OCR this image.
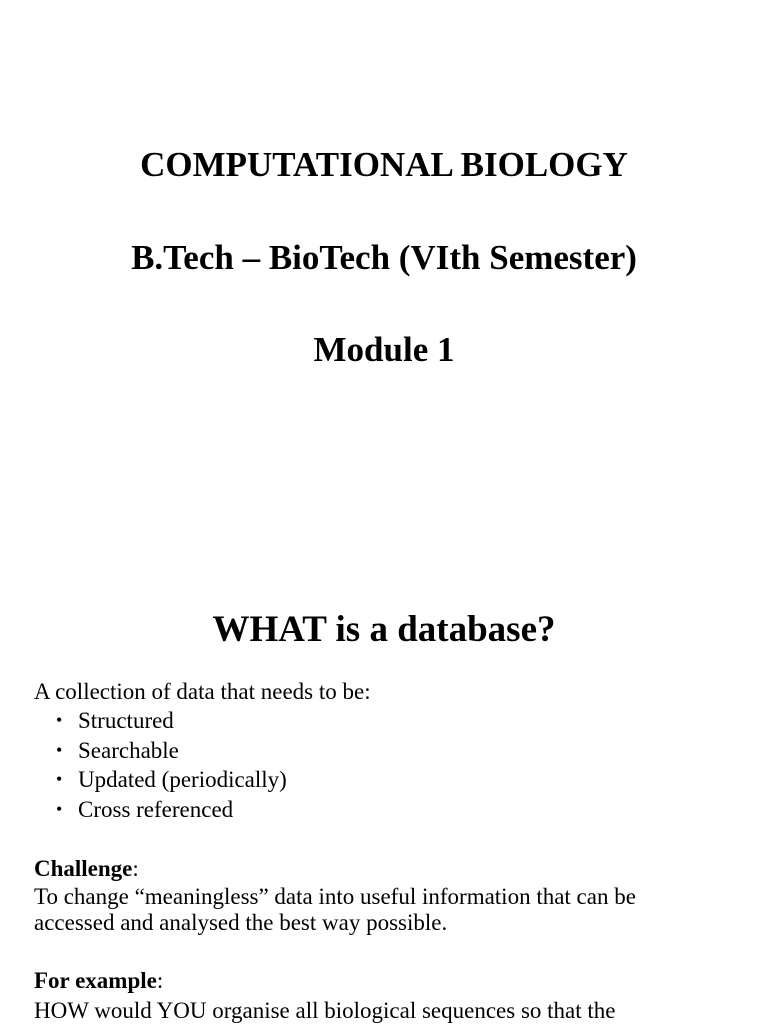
COMPUTATIONAL BIOLOGY
B.Tech – BioTech (VIth Semester)
Module 1
WHAT is a database?
A collection of data that needs to be:
• Structured
• Searchable
• Updated (periodically)
• Cross referenced
Challenge:
To change “meaningless” data into useful information that can be
accessed and analysed the best way possible.
For example:
HOW would YOU organise all biological sequences so that the
